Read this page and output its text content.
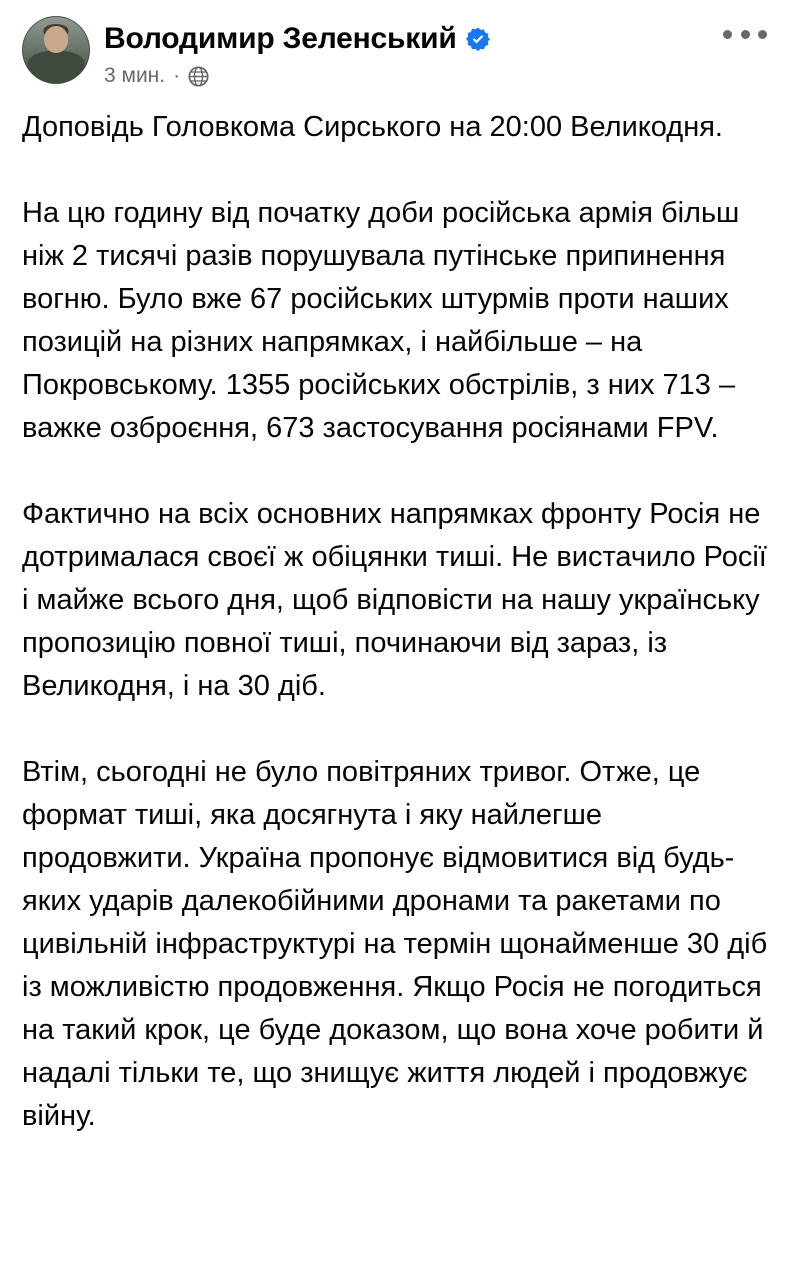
Володимир Зеленський
3 мин. ·

Доповідь Головкома Сирського на 20:00 Великодня.

На цю годину від початку доби російська армія більш ніж 2 тисячі разів порушувала путінське припинення вогню. Було вже 67 російських штурмів проти наших позицій на різних напрямках, і найбільше – на Покровському. 1355 російських обстрілів, з них 713 – важке озброєння, 673 застосування росіянами FPV.

Фактично на всіх основних напрямках фронту Росія не дотрималася своєї ж обіцянки тиші. Не вистачило Росії і майже всього дня, щоб відповісти на нашу українську пропозицію повної тиші, починаючи від зараз, із Великодня, і на 30 діб.

Втім, сьогодні не було повітряних тривог. Отже, це формат тиші, яка досягнута і яку найлегше продовжити. Україна пропонує відмовитися від будь-яких ударів далекобійними дронами та ракетами по цивільній інфраструктурі на термін щонайменше 30 діб із можливістю продовження. Якщо Росія не погодиться на такий крок, це буде доказом, що вона хоче робити й надалі тільки те, що знищує життя людей і продовжує війну.
